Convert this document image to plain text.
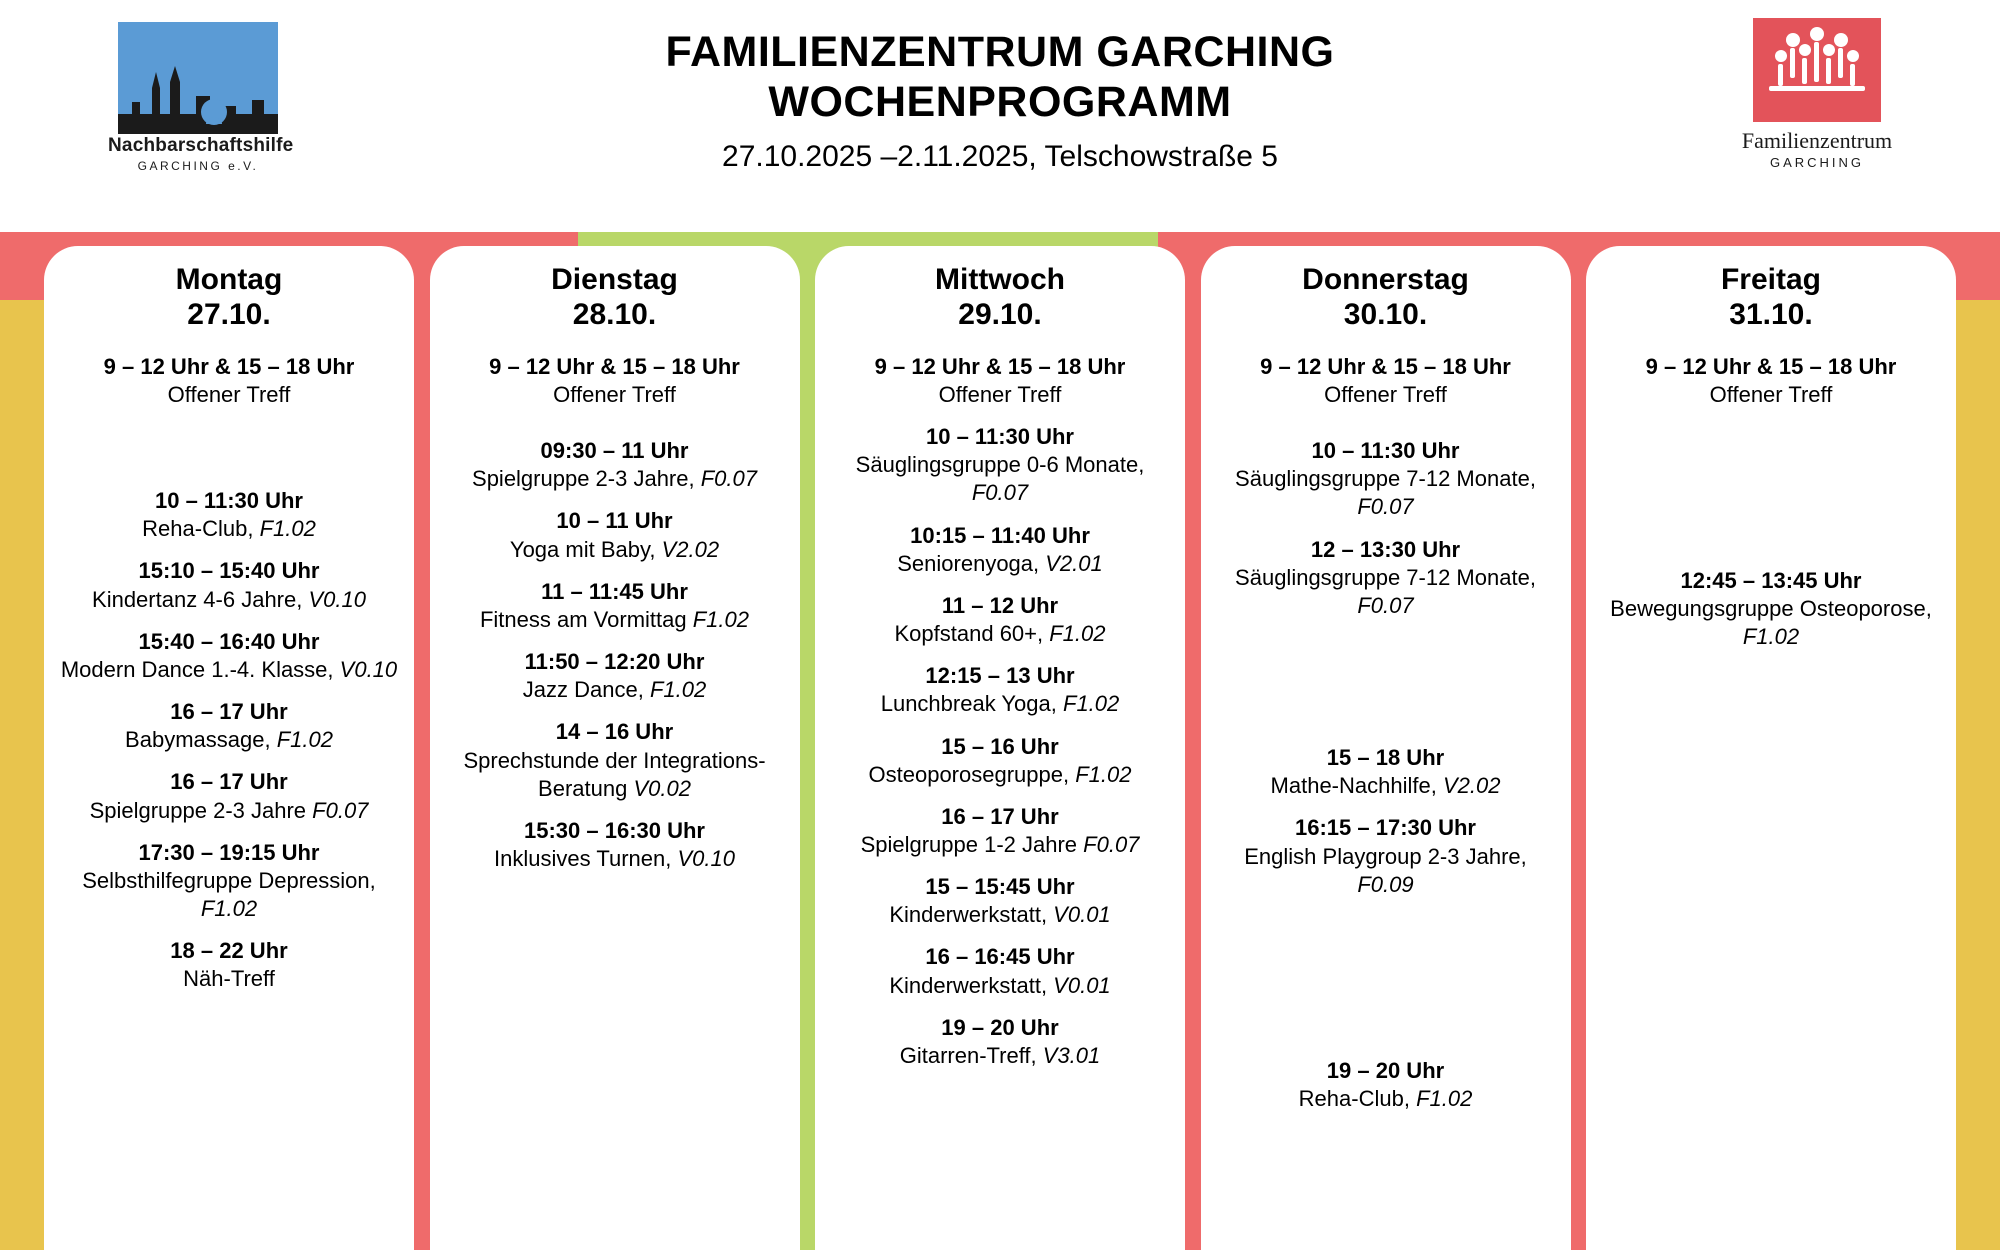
Nachbarschaftshilfe
GARCHING e.V.
FAMILIENZENTRUM GARCHING
WOCHENPROGRAMM
27.10.2025 –2.11.2025, Telschowstraße 5	Familienzentrum
GARCHING
Montag
27.10.
9 – 12 Uhr & 15 – 18 Uhr
Offener Treff
10 – 11:30 Uhr
Reha-Club, F1.02
15:10 – 15:40 Uhr
Kindertanz 4-6 Jahre, V0.10
15:40 – 16:40 Uhr
Modern Dance 1.-4. Klasse, V0.10
16 – 17 Uhr
Babymassage, F1.02
16 – 17 Uhr
Spielgruppe 2-3 Jahre F0.07
17:30 – 19:15 Uhr
Selbsthilfegruppe Depression, F1.02
18 – 22 Uhr
Näh-Treff
Dienstag
28.10.
9 – 12 Uhr & 15 – 18 Uhr
Offener Treff
09:30 – 11 Uhr
Spielgruppe 2-3 Jahre, F0.07
10 – 11 Uhr
Yoga mit Baby, V2.02
11 – 11:45 Uhr
Fitness am Vormittag F1.02
11:50 – 12:20 Uhr
Jazz Dance, F1.02
14 – 16 Uhr
Sprechstunde der Integrations-Beratung V0.02
15:30 – 16:30 Uhr
Inklusives Turnen, V0.10
Mittwoch
29.10.
9 – 12 Uhr & 15 – 18 Uhr
Offener Treff
10 – 11:30 Uhr
Säuglingsgruppe 0-6 Monate, F0.07
10:15 – 11:40 Uhr
Seniorenyoga, V2.01
11 – 12 Uhr
Kopfstand 60+, F1.02
12:15 – 13 Uhr
Lunchbreak Yoga, F1.02
15 – 16 Uhr
Osteoporosegruppe, F1.02
16 – 17 Uhr
Spielgruppe 1-2 Jahre F0.07
15 – 15:45 Uhr
Kinderwerkstatt, V0.01
16 – 16:45 Uhr
Kinderwerkstatt, V0.01
19 – 20 Uhr
Gitarren-Treff, V3.01
Donnerstag
30.10.
9 – 12 Uhr & 15 – 18 Uhr
Offener Treff
10 – 11:30 Uhr
Säuglingsgruppe 7-12 Monate, F0.07
12 – 13:30 Uhr
Säuglingsgruppe 7-12 Monate, F0.07
15 – 18 Uhr
Mathe-Nachhilfe, V2.02
16:15 – 17:30 Uhr
English Playgroup 2-3 Jahre, F0.09
19 – 20 Uhr
Reha-Club, F1.02
Freitag
31.10.
9 – 12 Uhr & 15 – 18 Uhr
Offener Treff
12:45 – 13:45 Uhr
Bewegungsgruppe Osteoporose, F1.02
